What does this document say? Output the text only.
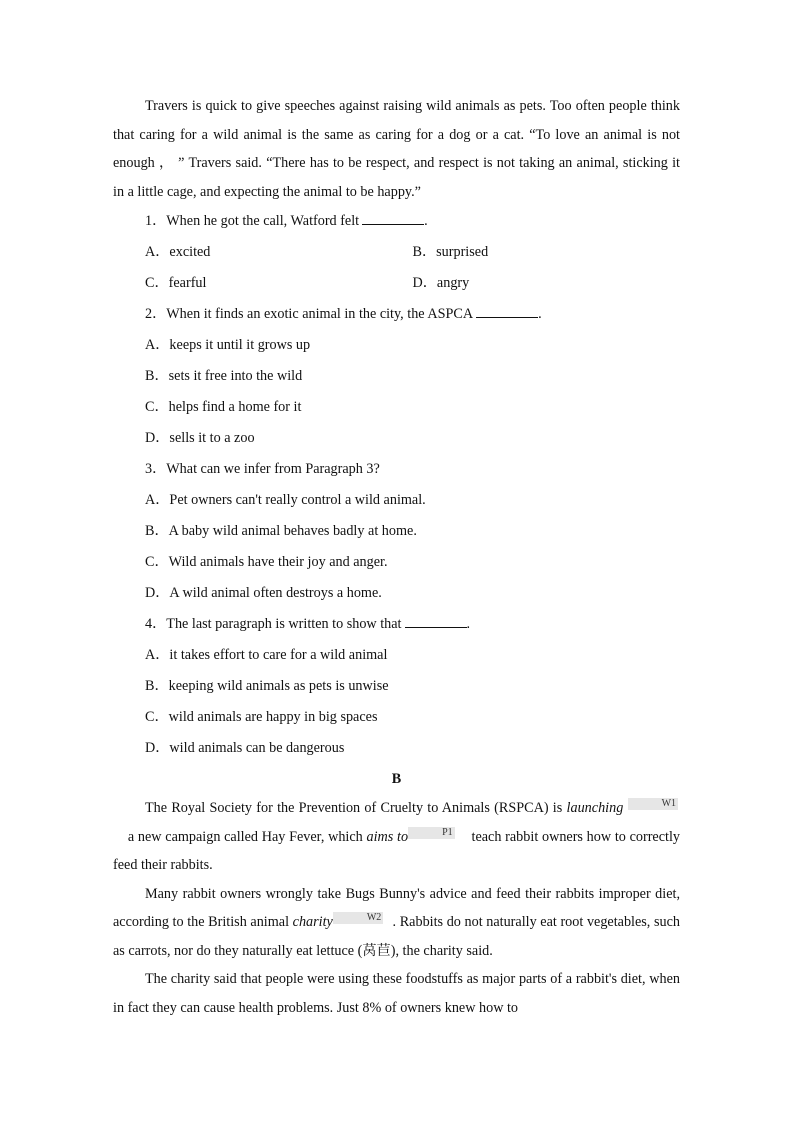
Travers is quick to give speeches against raising wild animals as pets. Too often people think that caring for a wild animal is the same as caring for a dog or a cat. “To love an animal is not enough ， ” Travers said. “There has to be respect, and respect is not taking an animal, sticking it in a little cage, and expecting the animal to be happy.”

1．When he got the call, Watford felt	.

A．excited	B．surprised
C．fearful	D．angry

2．When it finds an exotic animal in the city, the ASPCA	.

A．keeps it until it grows up

B．sets it free into the wild

C．helps find a home for it

D．sells it to a zoo

3．What can we infer from Paragraph 3?

A．Pet owners can't really control a wild animal.

B．A baby wild animal behaves badly at home.

C．Wild animals have their joy and anger.

D．A wild animal often destroys a home.

4．The last paragraph is written to show that	.

A．it takes effort to care for a wild animal

B．keeping wild animals as pets is unwise

C．wild animals are happy in big spaces

D．wild animals can be dangerous

B

The Royal Society for the Prevention of Cruelty to Animals (RSPCA) is launching	W1    a new campaign called Hay Fever, which aims to	P1 teach rabbit owners how to correctly feed their rabbits.

Many rabbit owners wrongly take Bugs Bunny's advice and feed their rabbits improper diet, according to the British animal charity	W2 . Rabbits do not naturally eat root vegetables, such as carrots, nor do they naturally eat lettuce (莴苣), the charity said.

The charity said that people were using these foodstuffs as major parts of a rabbit's diet, when in fact they can cause health problems. Just 8% of owners knew how to
